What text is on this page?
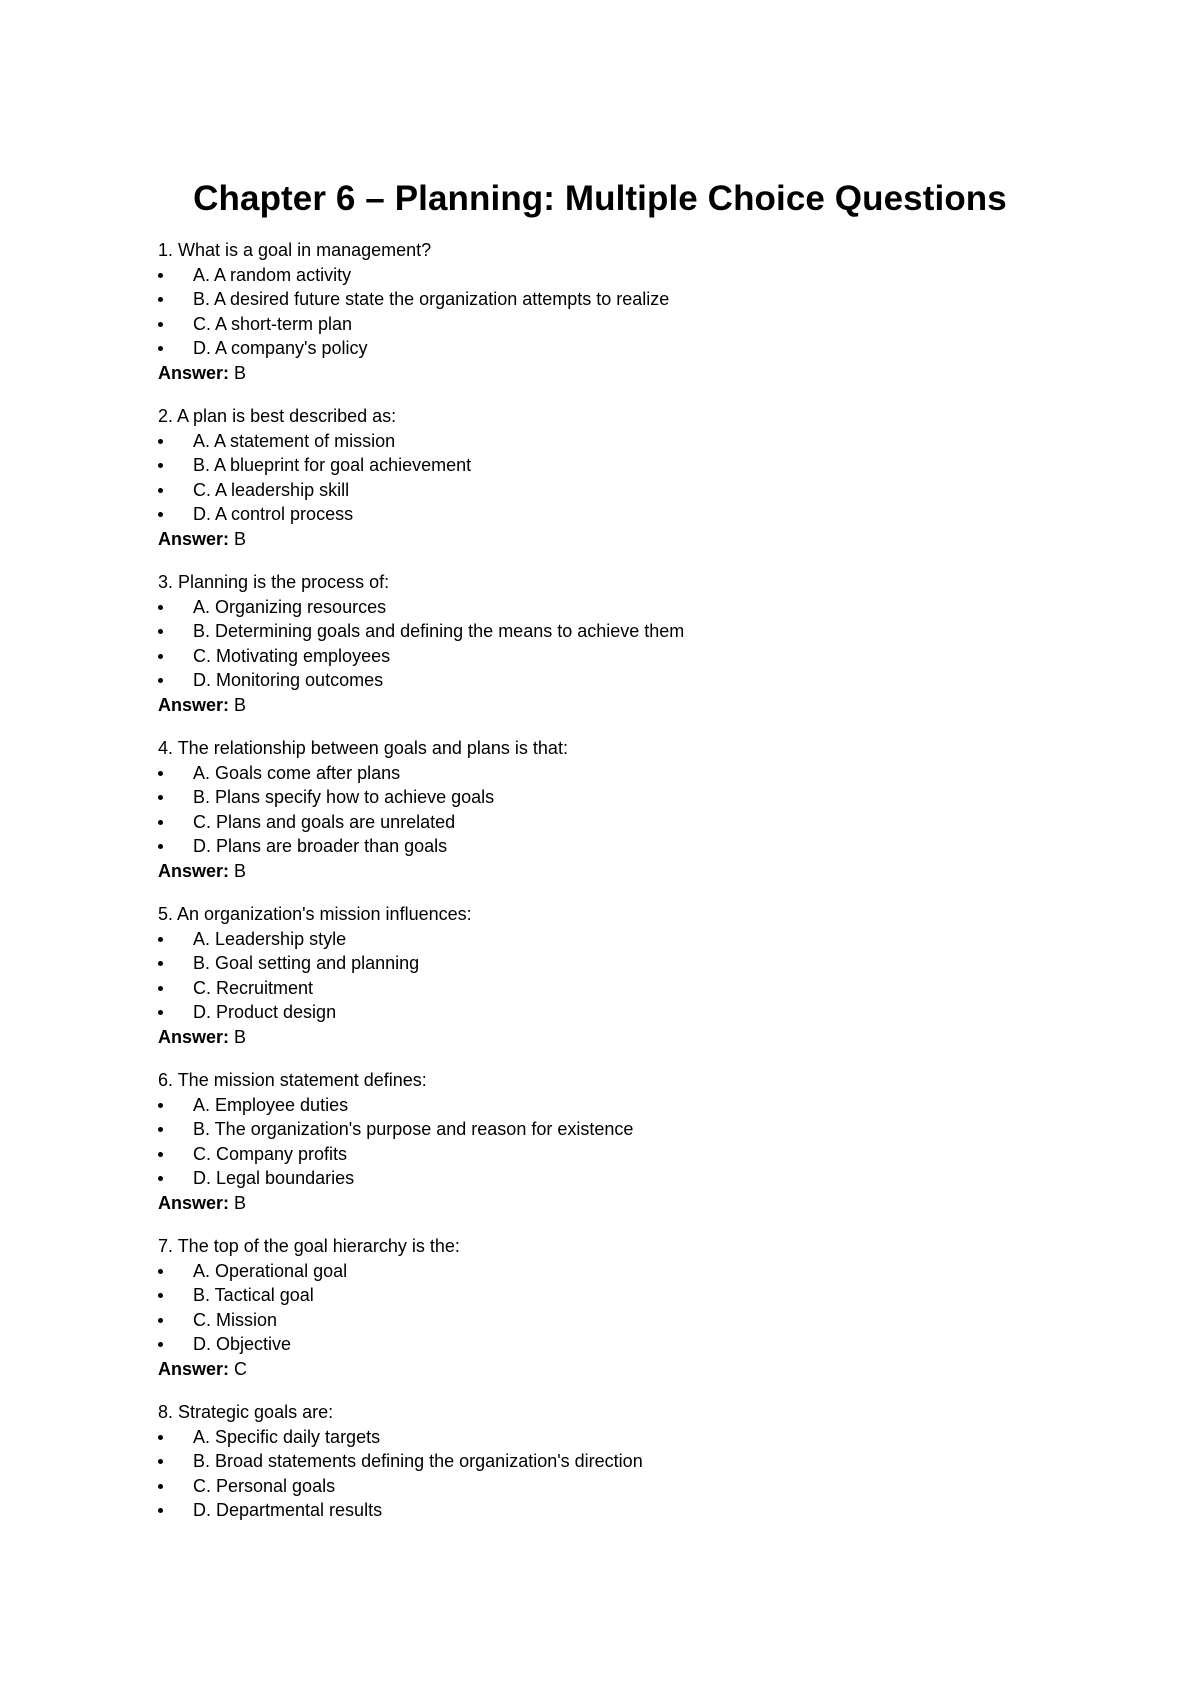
Chapter 6 – Planning: Multiple Choice Questions
1. What is a goal in management?
A. A random activity
B. A desired future state the organization attempts to realize
C. A short-term plan
D. A company's policy
Answer: B
2. A plan is best described as:
A. A statement of mission
B. A blueprint for goal achievement
C. A leadership skill
D. A control process
Answer: B
3. Planning is the process of:
A. Organizing resources
B. Determining goals and defining the means to achieve them
C. Motivating employees
D. Monitoring outcomes
Answer: B
4. The relationship between goals and plans is that:
A. Goals come after plans
B. Plans specify how to achieve goals
C. Plans and goals are unrelated
D. Plans are broader than goals
Answer: B
5. An organization's mission influences:
A. Leadership style
B. Goal setting and planning
C. Recruitment
D. Product design
Answer: B
6. The mission statement defines:
A. Employee duties
B. The organization's purpose and reason for existence
C. Company profits
D. Legal boundaries
Answer: B
7. The top of the goal hierarchy is the:
A. Operational goal
B. Tactical goal
C. Mission
D. Objective
Answer: C
8. Strategic goals are:
A. Specific daily targets
B. Broad statements defining the organization's direction
C. Personal goals
D. Departmental results
